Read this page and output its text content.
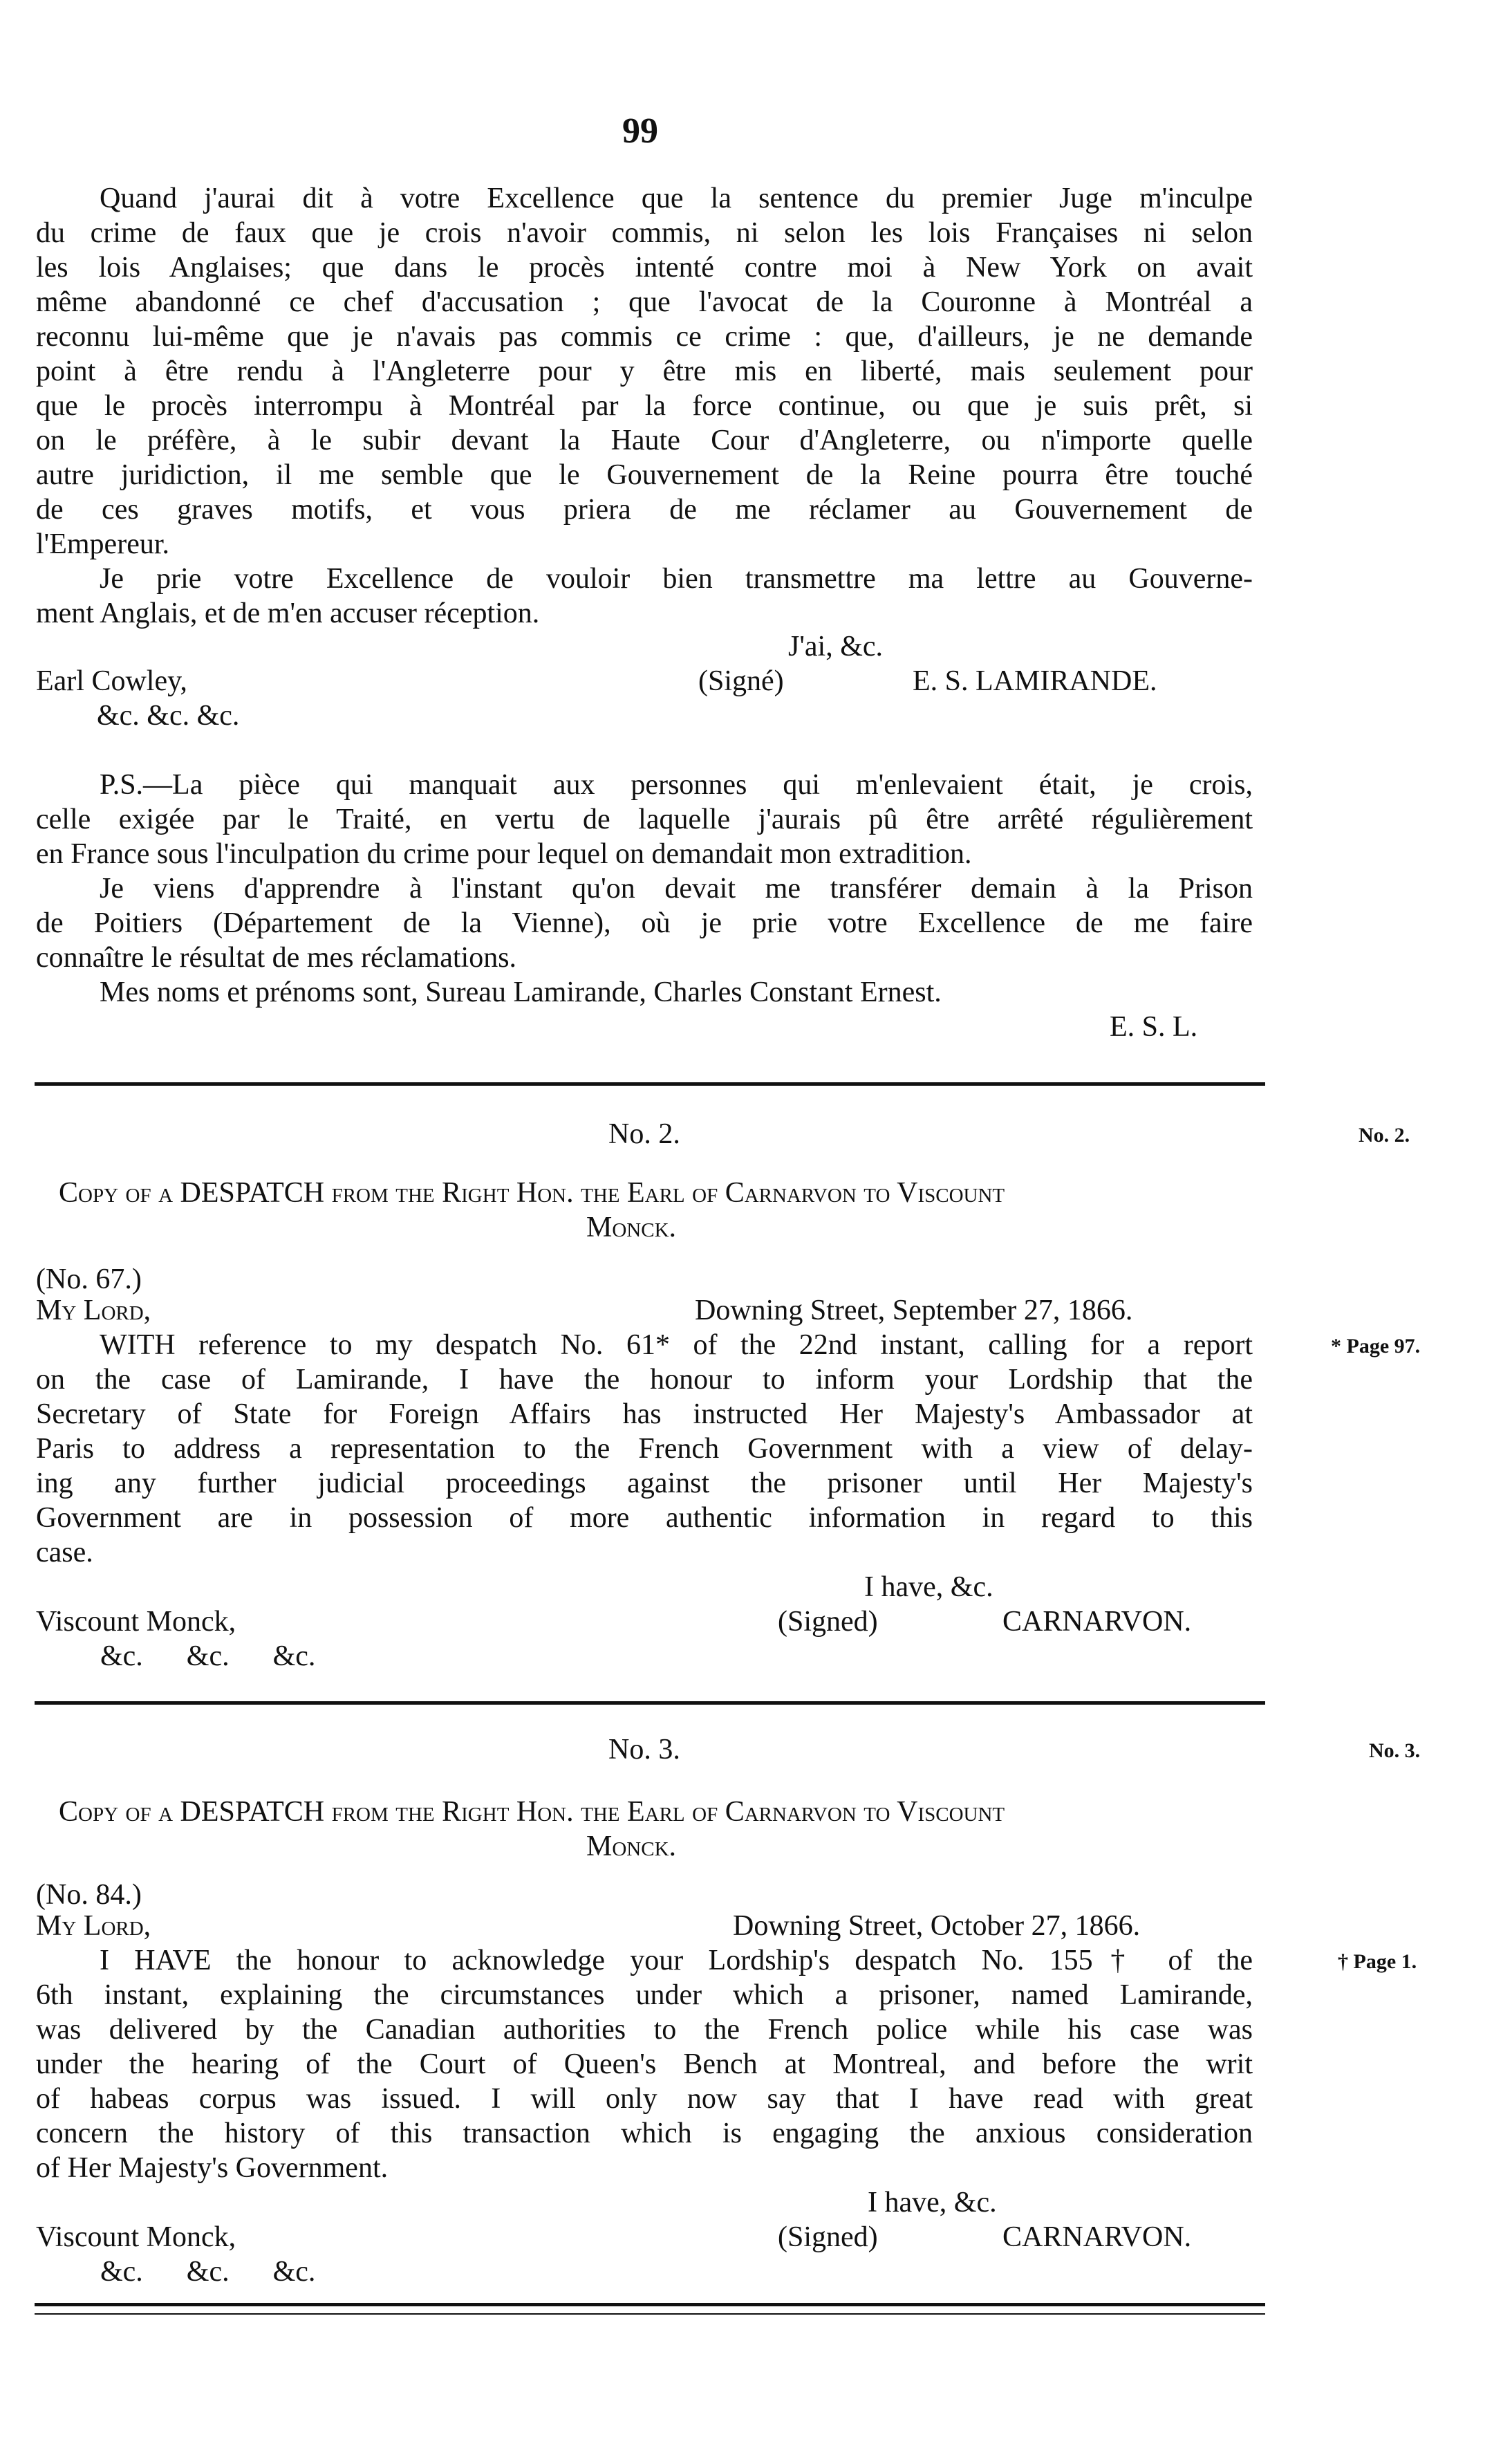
99
Quand j'aurai dit à votre Excellence que la sentence du premier Juge m'inculpe
du crime de faux que je crois n'avoir commis, ni selon les lois Françaises ni selon
les lois Anglaises; que dans le procès intenté contre moi à New York on avait
même abandonné ce chef d'accusation ; que l'avocat de la Couronne à Montréal a
reconnu lui-même que je n'avais pas commis ce crime : que, d'ailleurs, je ne demande
point à être rendu à l'Angleterre pour y être mis en liberté, mais seulement pour
que le procès interrompu à Montréal par la force continue, ou que je suis prêt, si
on le préfère, à le subir devant la Haute Cour d'Angleterre, ou n'importe quelle
autre juridiction, il me semble que le Gouvernement de la Reine pourra être touché
de ces graves motifs, et vous priera de me réclamer au Gouvernement de
l'Empereur.
Je prie votre Excellence de vouloir bien transmettre ma lettre au Gouverne-
ment Anglais, et de m'en accuser réception.
J'ai, &c.
Earl Cowley,	(Signé)	E. S. LAMIRANDE.
&c. &c. &c.
P.S.—La pièce qui manquait aux personnes qui m'enlevaient était, je crois,
celle exigée par le Traité, en vertu de laquelle j'aurais pû être arrêté régulièrement
en France sous l'inculpation du crime pour lequel on demandait mon extradition.
Je viens d'apprendre à l'instant qu'on devait me transférer demain à la Prison
de Poitiers (Département de la Vienne), où je prie votre Excellence de me faire
connaître le résultat de mes réclamations.
Mes noms et prénoms sont, Sureau Lamirande, Charles Constant Ernest.
E. S. L.
No. 2.	No. 2.
Copy of a DESPATCH from the Right Hon. the Earl of Carnarvon to Viscount
Monck.
(No. 67.)
My Lord,	Downing Street, September 27, 1866.
WITH reference to my despatch No. 61* of the 22nd instant, calling for a report
on the case of Lamirande, I have the honour to inform your Lordship that the
Secretary of State for Foreign Affairs has instructed Her Majesty's Ambassador at
Paris to address a representation to the French Government with a view of delay-
ing any further judicial proceedings against the prisoner until Her Majesty's
Government are in possession of more authentic information in regard to this
case.
* Page 97.
I have, &c.
Viscount Monck,	(Signed)	CARNARVON.
&c.      &c.      &c.
No. 3.	No. 3.
Copy of a DESPATCH from the Right Hon. the Earl of Carnarvon to Viscount
Monck.
(No. 84.)
My Lord,	Downing Street, October 27, 1866.
I HAVE the honour to acknowledge your Lordship's despatch No. 155† of the
6th instant, explaining the circumstances under which a prisoner, named Lamirande,
was delivered by the Canadian authorities to the French police while his case was
under the hearing of the Court of Queen's Bench at Montreal, and before the writ
of habeas corpus was issued. I will only now say that I have read with great
concern the history of this transaction which is engaging the anxious consideration
of Her Majesty's Government.
† Page 1.
I have, &c.
Viscount Monck,	(Signed)	CARNARVON.
&c.      &c.      &c.
